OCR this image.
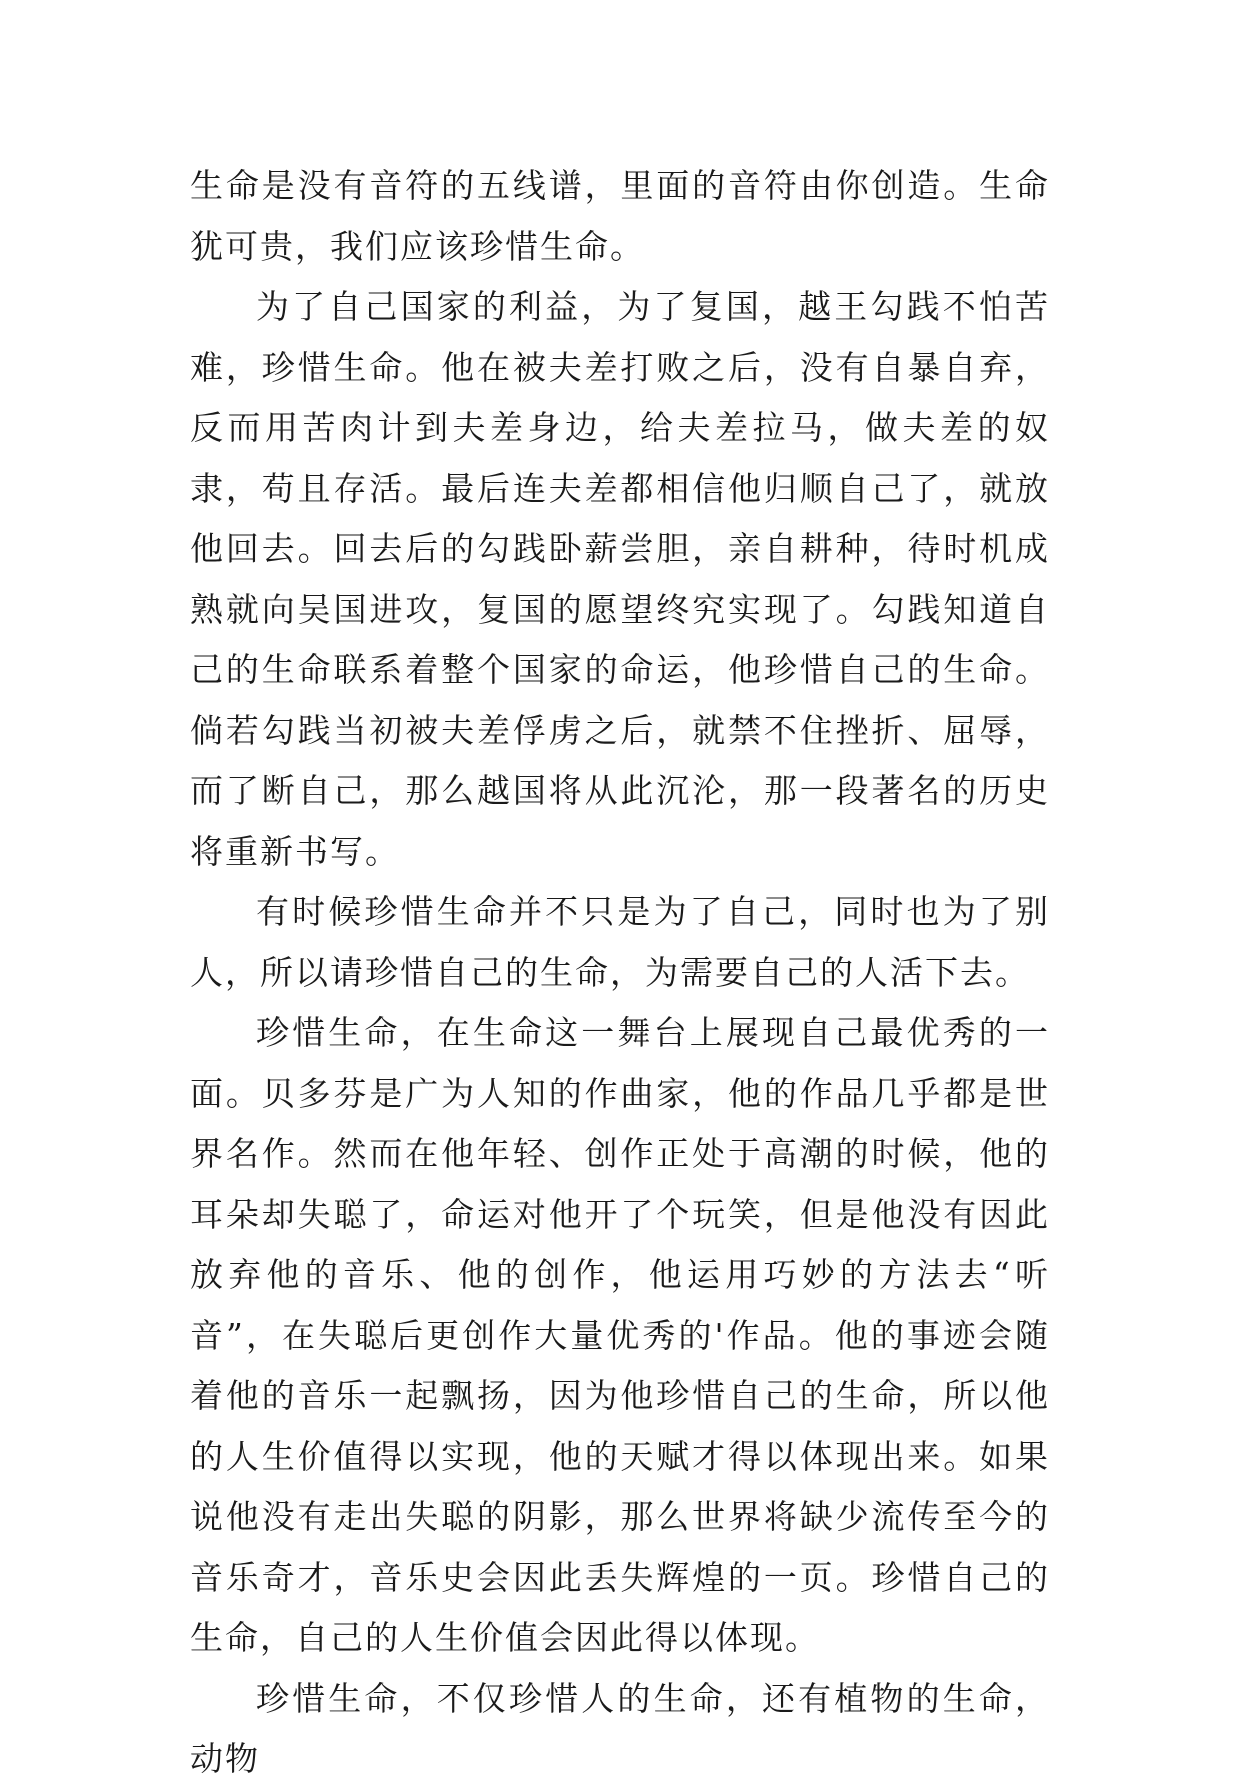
生命是没有音符的五线谱，里面的音符由你创造。生命犹可贵，我们应该珍惜生命。

为了自己国家的利益，为了复国，越王勾践不怕苦难，珍惜生命。他在被夫差打败之后，没有自暴自弃，反而用苦肉计到夫差身边，给夫差拉马，做夫差的奴隶，苟且存活。最后连夫差都相信他归顺自己了，就放他回去。回去后的勾践卧薪尝胆，亲自耕种，待时机成熟就向吴国进攻，复国的愿望终究实现了。勾践知道自己的生命联系着整个国家的命运，他珍惜自己的生命。倘若勾践当初被夫差俘虏之后，就禁不住挫折、屈辱，而了断自己，那么越国将从此沉沦，那一段著名的历史将重新书写。

有时候珍惜生命并不只是为了自己，同时也为了别人，所以请珍惜自己的生命，为需要自己的人活下去。

珍惜生命，在生命这一舞台上展现自己最优秀的一面。贝多芬是广为人知的作曲家，他的作品几乎都是世界名作。然而在他年轻、创作正处于高潮的时候，他的耳朵却失聪了，命运对他开了个玩笑，但是他没有因此放弃他的音乐、他的创作，他运用巧妙的方法去“听音”，在失聪后更创作大量优秀的'作品。他的事迹会随着他的音乐一起飘扬，因为他珍惜自己的生命，所以他的人生价值得以实现，他的天赋才得以体现出来。如果说他没有走出失聪的阴影，那么世界将缺少流传至今的音乐奇才，音乐史会因此丢失辉煌的一页。珍惜自己的生命，自己的人生价值会因此得以体现。

珍惜生命，不仅珍惜人的生命，还有植物的生命，动物
